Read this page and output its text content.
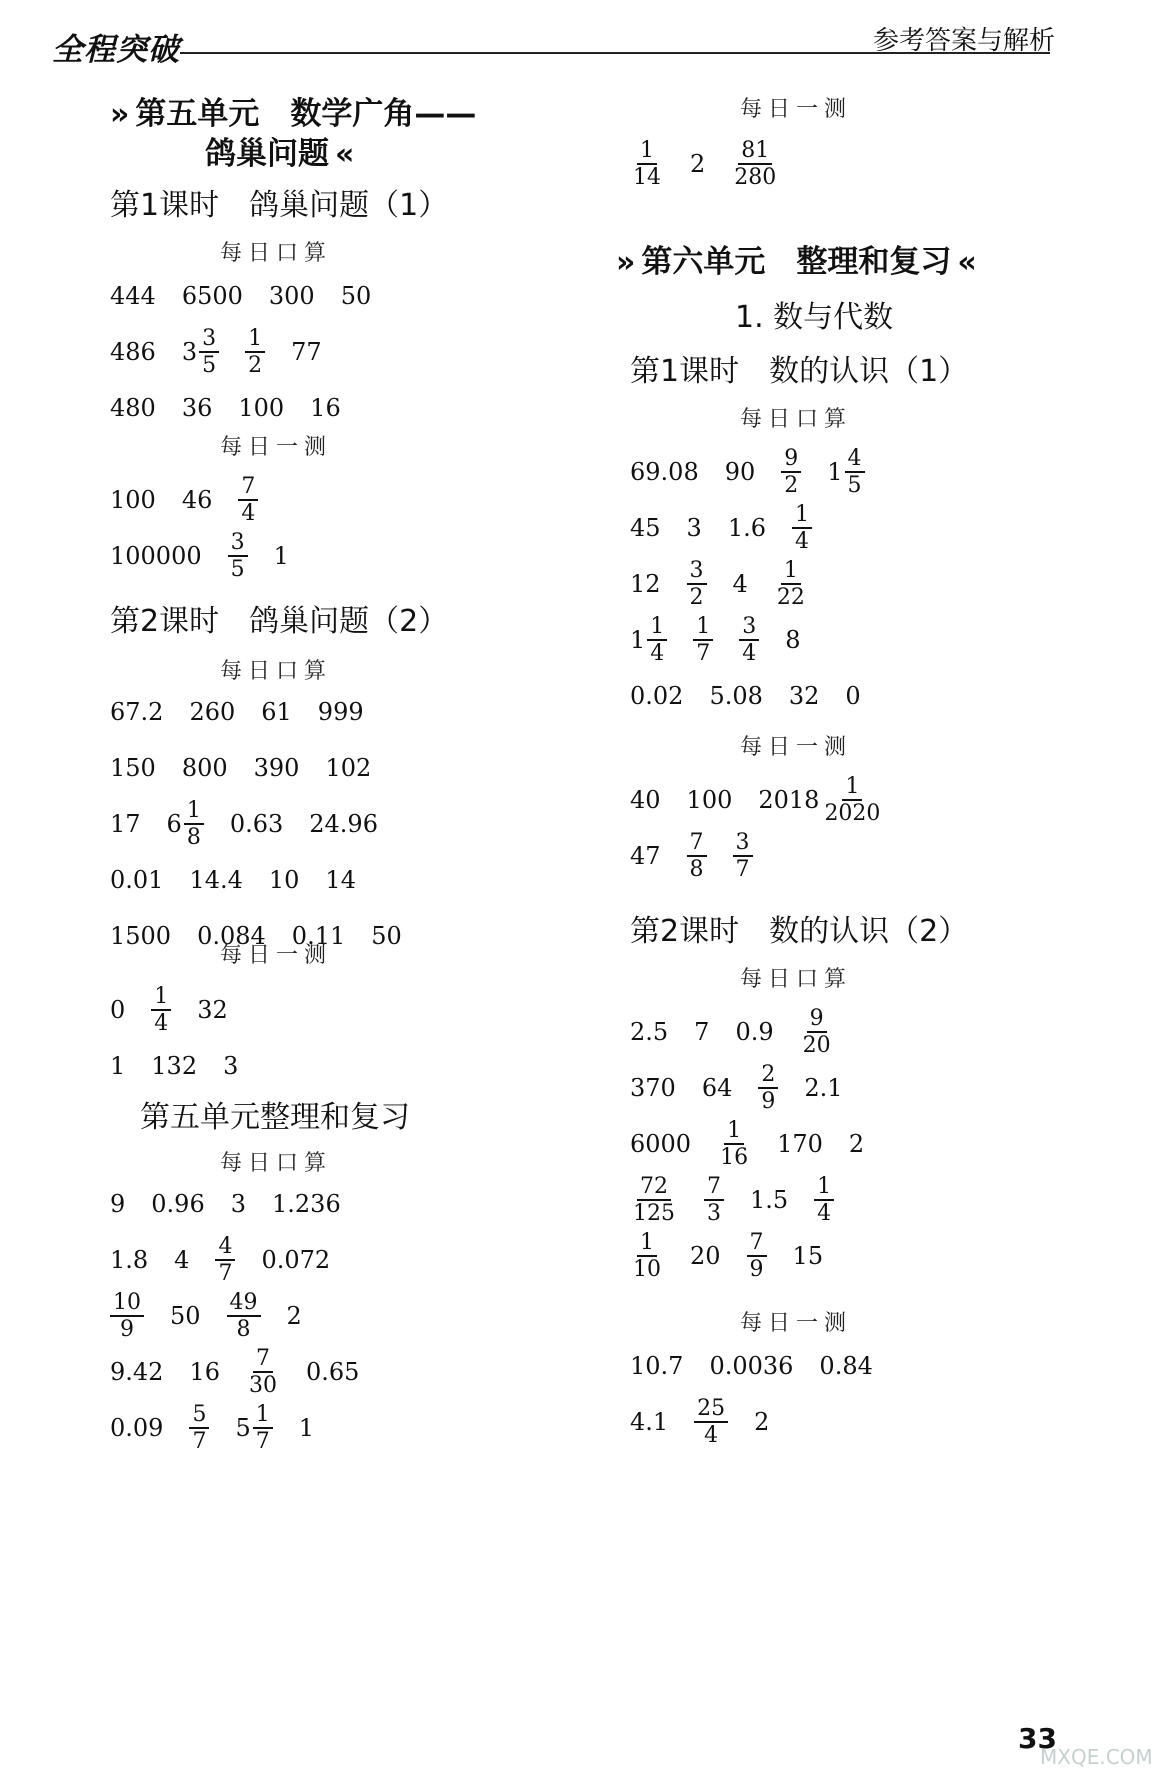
全程突破	参考答案与解析
» 第五单元　数学广角——
鸽巢问题 «
第1课时　鸽巢问题（1）
每日口算
444 6500 300 50
486 $3 \frac{3}{5} \frac{1}{2} 77$
480 36 100 16
每日一测
100 $46 \frac{7}{4}$
$100000 \frac{3}{5} 1$
第2课时　鸽巢问题（2）
每日口算
67.2 260 61 999
150 800 390 102
17 $6 \frac{1}{8} 0.63$ 24.96
0.01 14.4 10 14
1500 0.084 0.11 50
每日一测
$0 \frac{1}{4} 32$
1 132 3
第五单元整理和复习
每日口算
9 0.96 3 1.236
1.8 $4 \frac{4}{7} 0.072$
$\frac{10}{9} 50 \frac{49}{8} 2$
9.42 $16 \frac{7}{30} 0.65$
$0.09 \frac{5}{7} 5 \frac{1}{7} 1$
每日一测
$\frac{1}{14} 2 \frac{81}{280}$
» 第六单元　整理和复习 «
1. 数与代数
第1课时　数的认识（1）
每日口算
69.08 $90 \frac{9}{2} 1 \frac{4}{5}$
45 3 $1.6 \frac{1}{4}$
$12 \frac{3}{2} 4 \frac{1}{22}$
$1 \frac{1}{4} \frac{1}{7} \frac{3}{4} 8$
0.02 5.08 32 0
每日一测
40 100 $2018 \frac{1}{2020}$
$47 \frac{7}{8} \frac{3}{7}$
第2课时　数的认识（2）
每日口算
2.5 7 $0.9 \frac{9}{20}$
370 $64 \frac{2}{9} 2.1$
$6000 \frac{1}{16} 170$ 2
$\frac{72}{125} \frac{7}{3} 1.5 \frac{1}{4}$
$\frac{1}{10} 20 \frac{7}{9} 15$
每日一测
10.7 0.0036 0.84
$4.1 \frac{25}{4} 2$
33
MXQE.COM
